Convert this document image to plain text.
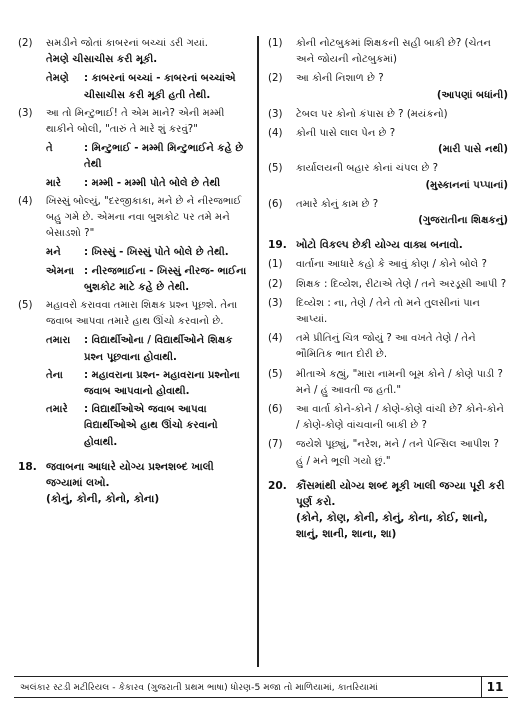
(2)	સમડીને જોતાં કાબરનાં બચ્ચાં ડરી ગયાં.
તેમણે ચીસાચીસ કરી મૂકી.
તેમણે	: કાબરનાં બચ્ચાં - કાબરનાં બચ્ચાંએ ચીસાચીસ કરી મૂકી હતી તેથી.
(3)	આ તો મિન્ટુભાઈ! તે એમ માને? એની મમ્મી થાકીને બોલી, "તારું તે મારે શું કરવું?"
તે	: મિન્ટુભાઈ - મમ્મી મિન્ટુભાઈને કહે છે તેથી
મારે	: મમ્મી - મમ્મી પોતે બોલે છે તેથી
(4)	ખિસ્સું બોલ્યું, "દરજીકાકા, મને છે ને નીરજભાઈ બહુ ગમે છે. એમના નવા બુશકોટ પર તમે મને બેસાડશો ?"
મને	: ખિસ્સું - ખિસ્સું પોતે બોલે છે તેથી.
એમના : નીરજભાઈના - ખિસ્સું નીરજ- ભાઈના બુશકોટ માટે કહે છે તેથી.
(5)	મહાવરો કરાવવા તમારા શિક્ષક પ્રશ્ન પૂછશે. તેના જવાબ આપવા તમારે હાથ ઊંચો કરવાનો છે.
તમારા	: વિદ્યાર્થીઓના / વિદ્યાર્થીઓને શિક્ષક પ્રશ્ન પૂછવાના હોવાથી.
તેના	: મહાવરાના પ્રશ્ન- મહાવરાના પ્રશ્નોના જવાબ આપવાનો હોવાથી.
તમારે	: વિદ્યાર્થીઓએ જવાબ આપવા વિદ્યાર્થીઓએ હાથ ઊંચો કરવાનો હોવાથી.
18. જવાબના આધારે યોગ્ય પ્રશ્નશબ્દ ખાલી જગ્યામાં લખો.
(કોનું, કોની, કોનો, કોના)
(1)	કોની નોટબુકમાં શિક્ષકની સહી બાકી છે? (ચેતન અને જોયની નોટબુકમાં)
(2)	આ કોની નિશાળ છે ?
(આપણાં બધાંની)
(3)	ટેબલ પર કોનો કંપાસ છે ? (મયંકનો)
(4)	કોની પાસે લાલ પેન છે ?
(મારી પાસે નથી)
(5)	કાર્યાલયની બહાર કોનાં ચંપલ છે ?
(મુસ્કાનનાં પપ્પાનાં)
(6)	તમારે કોનું કામ છે ?
(ગુજરાતીના શિક્ષકનું)
19. ખોટો વિકલ્પ છેકી યોગ્ય વાક્ય બનાવો.
(1)	વાર્તાના આધારે કહો કે આવું કોણ / કોને બોલે ?
(2)	શિક્ષક : દિવ્યેશ, રીટાએ તેણે / તને અરડૂસી આપી ?
(3)	દિવ્યેશ : ના, તેણે / તેને તો મને તુલસીનાં પાન આપ્યાં.
(4)	તમે પ્રીતિનું ચિત્ર જોયું ? આ વખતે તેણે / તેને ભૌમિતિક ભાત દોરી છે.
(5)	મીતાએ કહ્યું, "મારા નામની બૂમ કોને / કોણે પાડી ? મને / હું આવતી જ હતી."
(6)	આ વાર્તા કોને-કોને / કોણે-કોણે વાંચી છે? કોને-કોને / કોણે-કોણે વાંચવાની બાકી છે ?
(7)	જયેશે પૂછ્યું, "નરેશ, મને / તને પેન્સિલ આપીશ ? હું / મને ભૂલી ગયો છું."
20. કૌંસમાંથી યોગ્ય શબ્દ મૂકી ખાલી જગ્યા પૂરી કરી પૂર્ણ કરો.
(કોને, કોણ, કોની, કોનું, કોના, કોઈ, શાનો, શાનું, શાની, શાના, શા)
અલંકાર સ્ટડી મટીરિયલ - કેકારવ (ગુજરાતી પ્રથમ ભાષા) ધોરણ-5 મજા તો માળિયામાં, કાતરિયામાં	11
